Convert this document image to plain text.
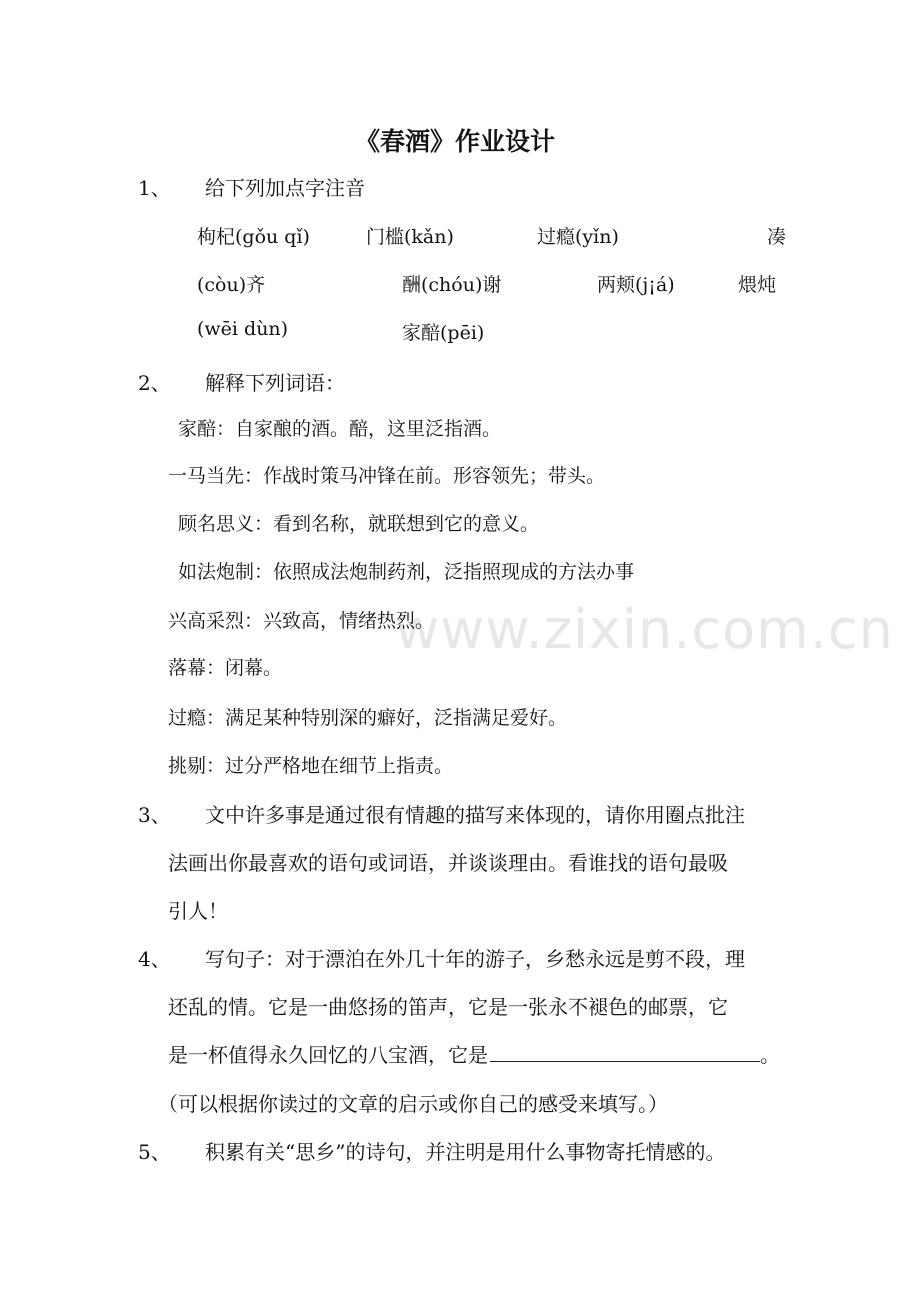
www.zixin.com.cn
《春酒》作业设计
1、 给下列加点字注音
枸杞(gǒu qǐ)	门槛(kǎn)	过瘾(yǐn)	凑
(còu)齐	酬(chóu)谢	两颊(j¡á)	煨炖
(wēi dùn)	家醅(pēi)
2、 解释下列词语：
家醅：自家酿的酒。醅，这里泛指酒。
一马当先：作战时策马冲锋在前。形容领先；带头。
顾名思义：看到名称，就联想到它的意义。
如法炮制：依照成法炮制药剂，泛指照现成的方法办事
兴高采烈：兴致高，情绪热烈。
落幕：闭幕。
过瘾：满足某种特别深的癖好，泛指满足爱好。
挑剔：过分严格地在细节上指责。
3、 文中许多事是通过很有情趣的描写来体现的，请你用圈点批注
法画出你最喜欢的语句或词语，并谈谈理由。看谁找的语句最吸
引人！
4、 写句子：对于漂泊在外几十年的游子，乡愁永远是剪不段，理
还乱的情。它是一曲悠扬的笛声，它是一张永不褪色的邮票，它
是一杯值得永久回忆的八宝酒，它是	。
（可以根据你读过的文章的启示或你自己的感受来填写。）
5、 积累有关“思乡”的诗句，并注明是用什么事物寄托情感的。
